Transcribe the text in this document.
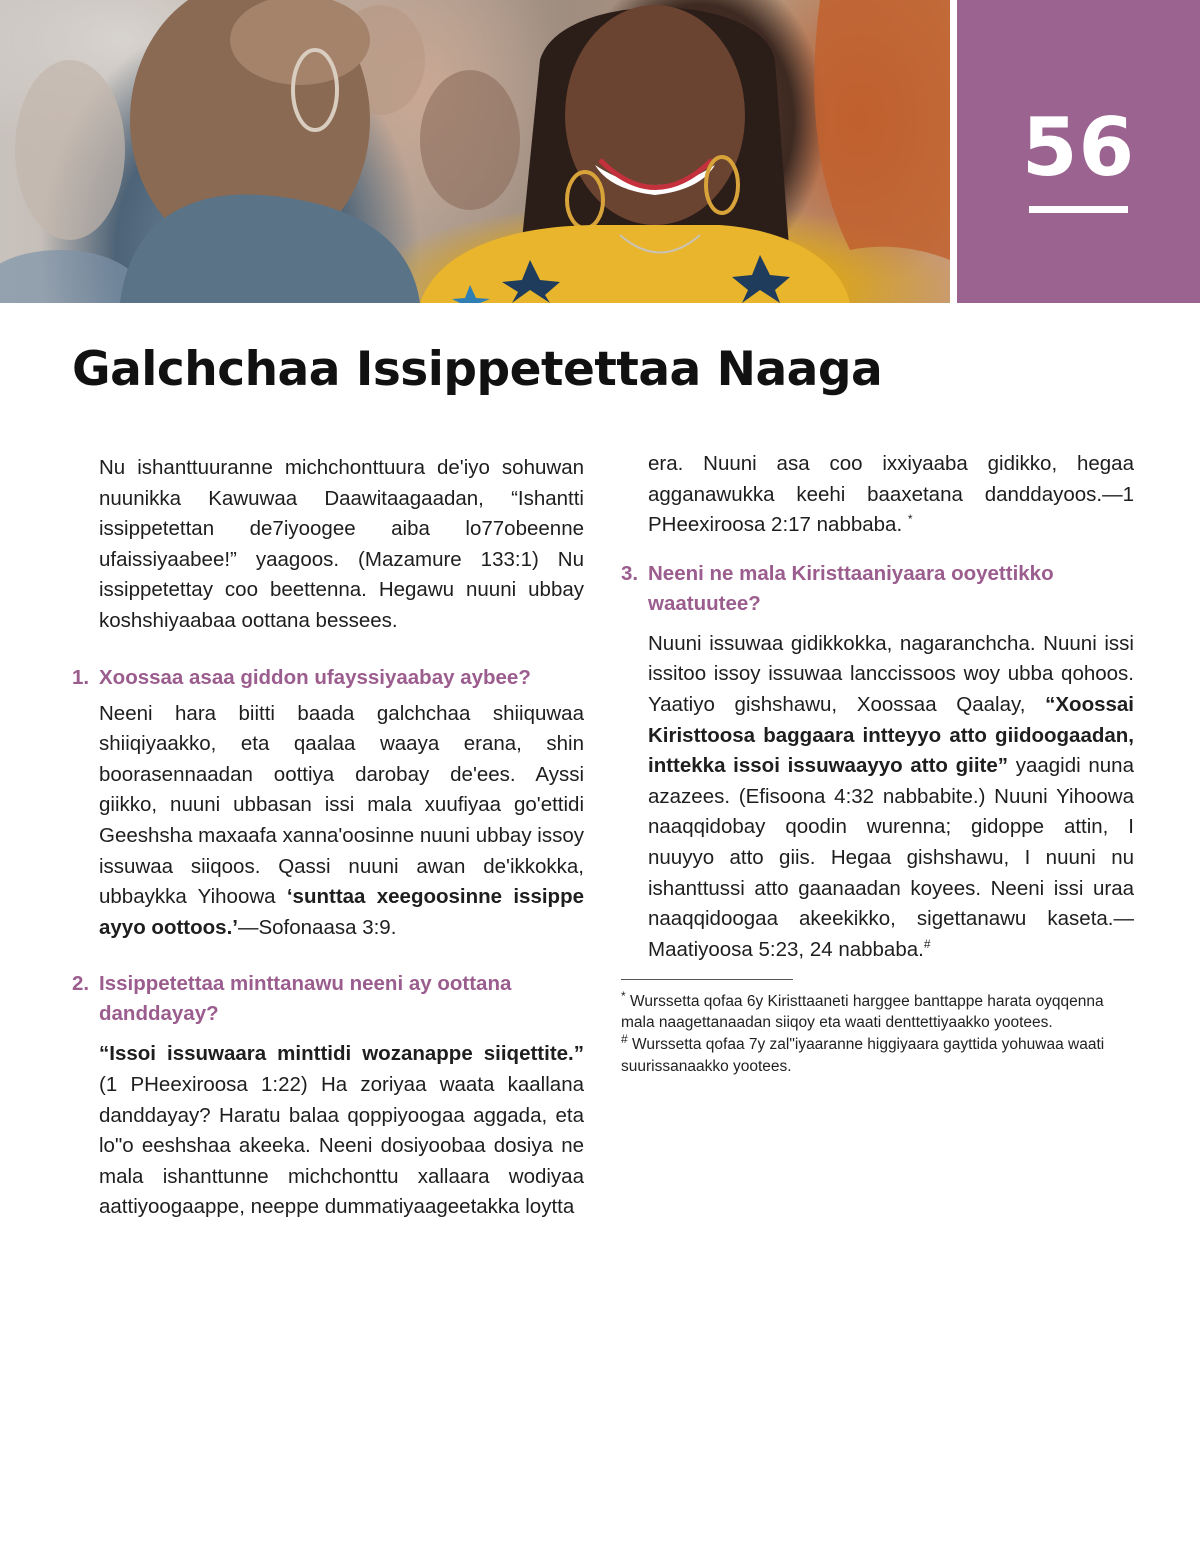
56
Galchchaa Issippetettaa Naaga

Nu ishanttuuranne michchonttuura de'iyo sohuwan nuunikka Kawuwaa Daawitaagaadan, “Ishantti issippetettan de7iyoogee aiba lo77obeenne ufaissiyaabee!” yaagoos. (Mazamure 133:1) Nu issippetettay coo beettenna. Hegawu nuuni ubbay koshshiyaabaa oottana bessees.

1. Xoossaa asaa giddon ufayssiyaabay aybee?

Neeni hara biitti baada galchchaa shiiquwaa shiiqiyaakko, eta qaalaa waaya erana, shin boorasennaadan oottiya darobay de'ees. Ayssi giikko, nuuni ubbasan issi mala xuufiyaa go'ettidi Geeshsha maxaafa xanna'oosinne nuuni ubbay issoy issuwaa siiqoos. Qassi nuuni awan de'ikkokka, ubbaykka Yihoowa ‘sunttaa xeegoosinne issippe ayyo oottoos.’—Sofonaasa 3:9.

2. Issippetettaa minttanawu neeni ay oottana danddayay?

“Issoi issuwaara minttidi wozanappe siiqettite.” (1 PHeexiroosa 1:22) Ha zoriyaa waata kaallana danddayay? Haratu balaa qoppiyoogaa aggada, eta lo"o eeshshaa akeeka. Neeni dosiyoobaa dosiya ne mala ishanttunne michchonttu xallaara wodiyaa aattiyoogaappe, neeppe dummatiyaageetakka loytta

era. Nuuni asa coo ixxiyaaba gidikko, hegaa agganawukka keehi baaxetana danddayoos.—1 PHeexiroosa 2:17 nabbaba. *

3. Neeni ne mala Kiristtaaniyaara ooyettikko waatuutee?

Nuuni issuwaa gidikkokka, nagaranchcha. Nuuni issi issitoo issoy issuwaa lanccissoos woy ubba qohoos. Yaatiyo gishshawu, Xoossaa Qaalay, “Xoossai Kiristtoosa baggaara intteyyo atto giidoogaadan, inttekka issoi issuwaayyo atto giite” yaagidi nuna azazees. (Efisoona 4:32 nabbabite.) Nuuni Yihoowa naaqqidobay qoodin wurenna; gidoppe attin, I nuuyyo atto giis. Hegaa gishshawu, I nuuni nu ishanttussi atto gaanaadan koyees. Neeni issi uraa naaqqidoogaa akeekikko, sigettanawu kaseta.—Maatiyoosa 5:23, 24 nabbaba.#

* Wurssetta qofaa 6y Kiristtaaneti harggee banttappe harata oyqqenna mala naagettanaadan siiqoy eta waati denttettiyaakko yootees.

# Wurssetta qofaa 7y zal"iyaaranne higgiyaara gayttida yohuwaa waati suurissanaakko yootees.
